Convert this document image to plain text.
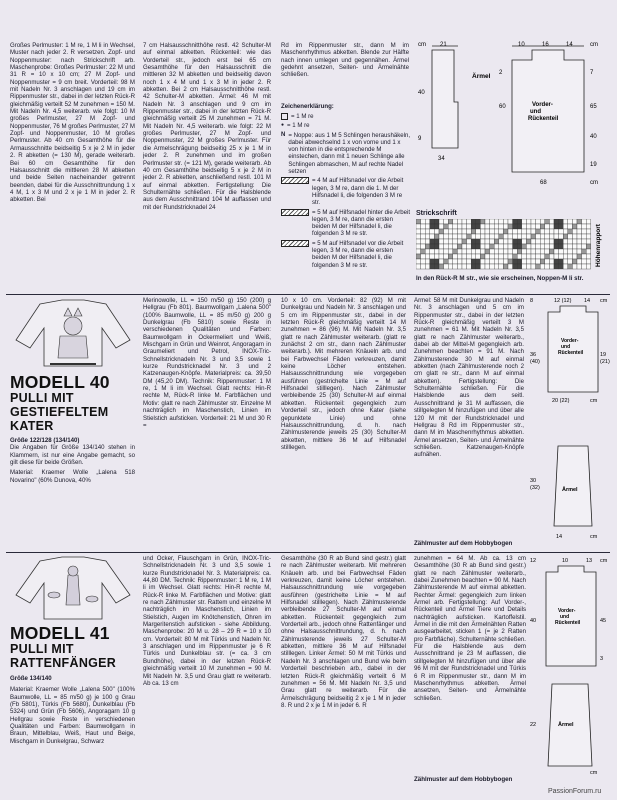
Großes Perlmuster: 1 M re, 1 M li in Wechsel, Muster nach jeder 2. R versetzen. Zopf- und Noppenmuster: nach Strickschrift arb. Maschenprobe: Großes Perlmuster: 22 M und 31 R = 10 x 10 cm; 27 M Zopf- und Noppenmuster = 9 cm breit. Vorderteil: 98 M mit Nadeln Nr. 3 anschlagen und 19 cm im Rippenmuster str., dabei in der letzten Rück-R gleichmäßig verteilt 52 M zunehmen = 150 M. Mit Nadeln Nr. 4,5 weiterarb. wie folgt: 10 M großes Perlmuster, 27 M Zopf- und Noppenmuster, 76 M großes Perlmuster, 27 M Zopf- und Noppenmuster, 10 M großes Perlmuster. Ab 40 cm Gesamthöhe für die Armausschnitte beidseitig 5 x je 2 M in jeder 2. R abketten (= 130 M), gerade weiterarb. Bei 60 cm Gesamthöhe für den Halsausschnitt die mittleren 28 M abketten und beide Seiten nacheinander getrennt beenden, dabei für die Ausschnittrundung 1 x 4 M, 1 x 3 M und 2 x je 1 M in jeder 2. R abketten. Bei

7 cm Halsausschnitthöhe restl. 42 Schulter-M auf einmal abketten. Rückenteil: wie das Vorderteil str., jedoch erst bei 65 cm Gesamthöhe für den Halsausschnitt die mittleren 32 M abketten und beidseitig davon noch 1 x 4 M und 1 x 3 M in jeder 2. R abketten. Bei 2 cm Halsausschnitthöhe restl. 42 Schulter-M abketten. Ärmel: 46 M mit Nadeln Nr. 3 anschlagen und 9 cm im Rippenmuster str., dabei in der letzten Rück-R gleichmäßig verteilt 25 M zunehmen = 71 M. Mit Nadeln Nr. 4,5 weiterarb. wie folgt: 22 M großes Perlmuster, 27 M Zopf- und Noppenmuster, 22 M großes Perlmuster. Für die Armelschrägung beidseitig 25 x je 1 M in jeder 2. R zunehmen und im großen Perlmuster str. (= 121 M), gerade weiterarb. Ab 40 cm Gesamthöhe beidseitig 5 x je 2 M in jeder 2. R abketten, anschließend restl. 101 M auf einmal abketten. Fertigstellung: Die Schulternähte schließen. Für die Halsblende aus dem Ausschnittrand 104 M auffassen und mit der Rundstricknadel 24

Rd im Rippenmuster str., dann M im Maschenrhythmus abketten. Blende zur Hälfte nach innen umlegen und gegennähen. Ärmel gedehnt ansetzen, Seiten- und Ärmelnähte schließen.

Zeichenerklärung:
= 1 M re
● = 1 M re
N = Noppe: aus 1 M 5 Schlingen heraushäkeln, dabei abwechselnd 1 x von vorne und 1 x von hinten in die entsprechende M einstechen, dann mit 1 neuen Schlinge alle Schlingen abmaschen, M auf rechte Nadel setzen
= 4 M auf Hilfsnadel vor die Arbeit legen, 3 M re, dann die 1. M der Hilfsnadel li, die folgenden 3 M re str.
= 5 M auf Hilfsnadel hinter die Arbeit legen, 3 M re, dann die ersten beiden M der Hilfsnadel li, die folgenden 3 M re str.
= 5 M auf Hilfsnadel vor die Arbeit legen, 3 M re, dann die ersten beiden M der Hilfsnadel li, die folgenden 3 M re str.
cm 21	10	16	14	cm
Ärmel
Vorder-
und
Rückenteil
40
9
2	7
60	65
40
19
34
68	cm
Strickschrift
Höhenrapport
In den Rück-R M str., wie sie erscheinen, Noppen-M li str.
MODELL 40
PULLI MIT
GESTIEFELTEM
KATER

Größe 122/128 (134/140)

Die Angaben für Größe 134/140 stehen in Klammern, ist nur eine Angabe gemacht, so gilt diese für beide Größen.

Material: Kraemer Wolle „Lalena 518 Novarino" (60% Dunova, 40%

Merinowolle, LL = 150 m/50 g) 150 (200) g Hellgrau (Fb 801). Baumwollgarn „Lalena 500" (100% Baumwolle, LL = 85 m/50 g) 200 g Dunkelgrau (Fb 5810) sowie Reste in verschiedenen Qualitäten und Farben: Baumwollgarn in Ockermeliert und Weiß, Mischgarn in Grün und Weinrot, Angoragarn in Graumeliert und Petrol, INOX-Tric-Schnellstricknadeln Nr. 3 und 3,5 sowie 1 kurze Rundstricknadel Nr. 3 und 2 Katzenaugen-Knöpfe. Materialpreis: ca. 39,50 DM (45,20 DM). Technik: Rippenmuster: 1 M re, 1 M li im Wechsel. Glatt rechts: Hin-R rechte M, Rück-R linke M. Farbflächen und Motiv: glatt re nach Zählmuster str. Einzelne M nachträglich im Maschenstich, Linien im Stielstich aufsticken. Vorderteil: 21 M und 30 R =

10 x 10 cm. Vorderteil: 82 (92) M mit Dunkelgrau und Nadeln Nr. 3 anschlagen und 5 cm im Rippenmuster str., dabei in der letzten Rück-R gleichmäßig verteilt 14 M zunehmen = 86 (96) M. Mit Nadeln Nr. 3,5 glatt re nach Zählmuster weiterarb. (glatt re zunächst 2 cm str., dann nach Zählmuster weiterarb.). Mit mehreren Knäueln arb. und bei Farbwechsel Fäden verkreuzen, damit keine Löcher entstehen. Halsausschnittrundung wie vorgegeben ausführen (gestrichelte Linie = M auf Hilfsnadel stilllegen). Nach Zählmuster verbleibende 25 (30) Schulter-M auf einmal abketten. Rückenteil: gegengleich zum Vorderteil str., jedoch ohne Kater (siehe gepunktete Linie) und ohne Halsausschnittrundung, d. h. nach Zählmusterende jeweils 25 (30) Schulter-M abketten, mittlere 36 M auf Hilfsnadel stilllegen.

Ärmel: 58 M mit Dunkelgrau und Nadeln Nr. 3 anschlagen und 5 cm im Rippenmuster str., dabei in der letzten Rück-R gleichmäßig verteilt 3 M zunehmen = 61 M. Mit Nadeln Nr. 3,5 glatt re nach Zählmuster weiterarb., dabei ab der Mittel-M gegengleich arb. Zunehmen beachten = 91 M. Nach Zählmusterende 30 M auf einmal abketten (nach Zählmusterende noch 2 cm glatt re str., dann M auf einmal abketten). Fertigstellung: Die Schulternähte schließen. Für die Halsblende aus dem seitl. Ausschnittrand je 31 M auffassen, die stillgelegten M hinzufügen und über alle 120 M mit der Rundstricknadel und Hellgrau 8 Rd im Rippenmuster str., dann M im Maschenrhythmus abketten. Ärmel ansetzen, Seiten- und Ärmelnähte schließen. Katzenaugen-Knöpfe aufnähen.

Zählmuster auf dem Hobbybogen
8	12 (12) 14 cm
Vorder-
und
Rückenteil
36
(40)
19
(21)
20 (22)	cm
Ärmel
30
(32)
14	cm
MODELL 41
PULLI MIT
RATTENFÄNGER

Größe 134/140

Material: Kraemer Wolle „Lalena 500" (100% Baumwolle, LL = 85 m/50 g) je 100 g Grau (Fb 5801), Türkis (Fb 5680), Dunkelblau (Fb 5324) und Grün (Fb 5606), Angoragarn 10 g Hellgrau sowie Reste in verschiedenen Qualitäten und Farben: Baumwollgarn in Braun, Mittelblau, Weiß, Haut und Beige, Mischgarn in Dunkelgrau, Schwarz

und Ocker, Flauschgarn in Grün, INOX-Tric-Schnellstricknadeln Nr. 3 und 3,5 sowie 1 kurze Rundstricknadel Nr. 3. Materialpreis: ca. 44,80 DM. Technik: Rippenmuster: 1 M re, 1 M li im Wechsel. Glatt rechts: Hin-R rechte M, Rück-R linke M. Farbflächen und Motive: glatt re nach Zählmuster str. Rattem und einzelne M nachträglich im Maschenstich, Linien im Stielstich, Augen im Knötchenstich, Ohren im Margeritenstich aufsticken - siehe Abbildung. Maschenprobe: 20 M u. 28 – 29 R = 10 x 10 cm. Vorderteil: 80 M mit Türkis und Nadeln Nr. 3 anschlagen und im Rippenmuster je 6 R Türkis und Dunkelblau str. (= ca. 3 cm Bundhöhe), dabei in der letzten Rück-R gleichmäßig verteilt 10 M zunehmen = 90 M. Mit Nadeln Nr. 3,5 und Grau glatt re weiterarb. Ab ca. 13 cm

Gesamthöhe (30 R ab Bund sind gestr.) glatt re nach Zählmuster weiterarb. Mit mehreren Knäueln arb. und bei Farbwechsel Fäden verkreuzen, damit keine Löcher entstehen. Halsausschnittrundung wie vorgegeben ausführen (gestrichelte Linie = M auf Hilfsnadel stilllegen). Nach Zählmusterende verbleibende 27 Schulter-M auf einmal abketten. Rückenteil: gegengleich zum Vorderteil arb., jedoch ohne Rattenfänger und ohne Halsausschnittrundung, d. h. nach Zählmusterende jeweils 27 Schulter-M abketten, mittlere 36 M auf Hilfsnadel stilllegen. Linker Ärmel: 50 M mit Türkis und Nadeln Nr. 3 anschlagen und Bund wie beim Vorderteil beschrieben arb., dabei in der letzten Rück-R gleichmäßig verteilt 6 M zunehmen = 56 M. Mit Nadeln Nr. 3,5 und Grau glatt re weiterarb. Für die Ärmelschrägung beidseitig 2 x je 1 M in jeder 8. R und 2 x je 1 M in jeder 6. R

zunehmen = 64 M. Ab ca. 13 cm Gesamthöhe (30 R ab Bund sind gestr.) glatt re nach Zählmuster weiterarb., dabei Zunehmen beachten = 90 M. Nach Zählmusterende M auf einmal abketten. Rechter Ärmel: gegengleich zum linken Ärmel arb. Fertigstellung: Auf Vorder-, Rückenteil und Ärmel Tiere und Details nachträglich aufsticken. Kartoffelstil. Ärmel in die mit den Ärmelnähten Ratten ausgearbeitet, sticken 1 (= je 2 Ratten pro Farbfläche). Schulternähte schließen. Für die Halsblende aus dem Ausschnittrand je 23 M auffassen, die stillgelegten M hinzufügen und über alle 96 M mit der Rundstricknadel und Türkis 6 R im Rippenmuster str., dann M im Maschenrhythmus abketten. Ärmel ansetzen, Seiten- und Ärmelnähte schließen.

Zählmuster auf dem Hobbybogen
12	10	13 cm
Vorder-
und
Rückenteil
40	45
3
Ärmel
22
cm
PassionForum.ru
